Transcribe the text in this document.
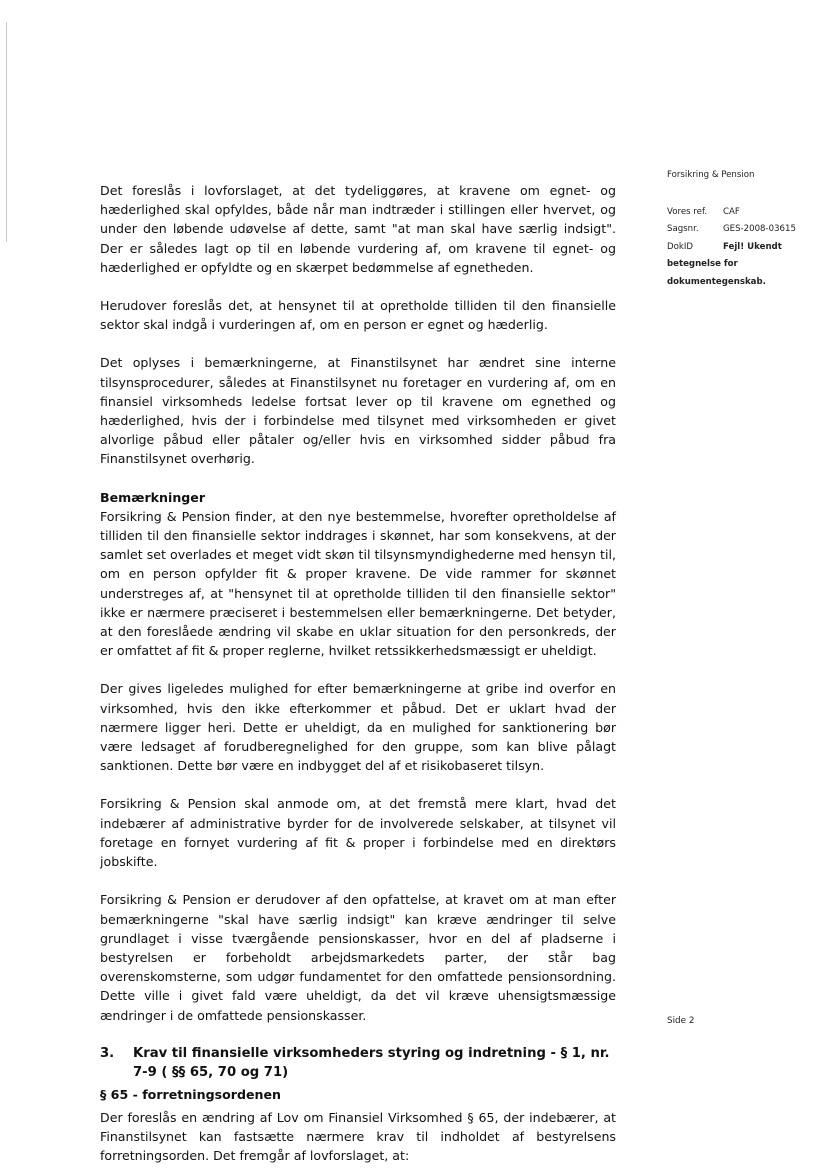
Forsikring & Pension
Vores ref.	CAF
Sagsnr.	GES-2008-03615
DokID	Fejl! Ukendt
betegnelse for
dokumentegenskab.

Det foreslås i lovforslaget, at det tydeliggøres, at kravene om egnet- og hæderlighed skal opfyldes, både når man indtræder i stillingen eller hvervet, og under den løbende udøvelse af dette, samt "at man skal have særlig indsigt". Der er således lagt op til en løbende vurdering af, om kravene til egnet- og hæderlighed er opfyldte og en skærpet bedømmelse af egnetheden.

Herudover foreslås det, at hensynet til at opretholde tilliden til den finansielle sektor skal indgå i vurderingen af, om en person er egnet og hæderlig.

Det oplyses i bemærkningerne, at Finanstilsynet har ændret sine interne tilsynsprocedurer, således at Finanstilsynet nu foretager en vurdering af, om en finansiel virksomheds ledelse fortsat lever op til kravene om egnethed og hæderlighed, hvis der i forbindelse med tilsynet med virksomheden er givet alvorlige påbud eller påtaler og/eller hvis en virksomhed sidder påbud fra Finanstilsynet overhørig.

Bemærkninger

Forsikring & Pension finder, at den nye bestemmelse, hvorefter opretholdelse af tilliden til den finansielle sektor inddrages i skønnet, har som konsekvens, at der samlet set overlades et meget vidt skøn til tilsynsmyndighederne med hensyn til, om en person opfylder fit & proper kravene. De vide rammer for skønnet understreges af, at "hensynet til at opretholde tilliden til den finansielle sektor" ikke er nærmere præciseret i bestemmelsen eller bemærkningerne. Det betyder, at den foreslåede ændring vil skabe en uklar situation for den personkreds, der er omfattet af fit & proper reglerne, hvilket retssikkerhedsmæssigt er uheldigt.

Der gives ligeledes mulighed for efter bemærkningerne at gribe ind overfor en virksomhed, hvis den ikke efterkommer et påbud. Det er uklart hvad der nærmere ligger heri. Dette er uheldigt, da en mulighed for sanktionering bør være ledsaget af forudberegnelighed for den gruppe, som kan blive pålagt sanktionen. Dette bør være en indbygget del af et risikobaseret tilsyn.

Forsikring & Pension skal anmode om, at det fremstå mere klart, hvad det indebærer af administrative byrder for de involverede selskaber, at tilsynet vil foretage en fornyet vurdering af fit & proper i forbindelse med en direktørs jobskifte.

Forsikring & Pension er derudover af den opfattelse, at kravet om at man efter bemærkningerne "skal have særlig indsigt" kan kræve ændringer til selve grundlaget i visse tværgående pensionskasser, hvor en del af pladserne i bestyrelsen er forbeholdt arbejdsmarkedets parter, der står bag overenskomsterne, som udgør fundamentet for den omfattede pensionsordning. Dette ville i givet fald være uheldigt, da det vil kræve uhensigtsmæssige ændringer i de omfattede pensionskasser.

3.	Krav til finansielle virksomheders styring og indretning - § 1, nr. 7-9 ( §§ 65, 70 og 71)
§ 65 - forretningsordenen

Der foreslås en ændring af Lov om Finansiel Virksomhed § 65, der indebærer, at Finanstilsynet kan fastsætte nærmere krav til indholdet af bestyrelsens forretningsorden. Det fremgår af lovforslaget, at:

Side 2
